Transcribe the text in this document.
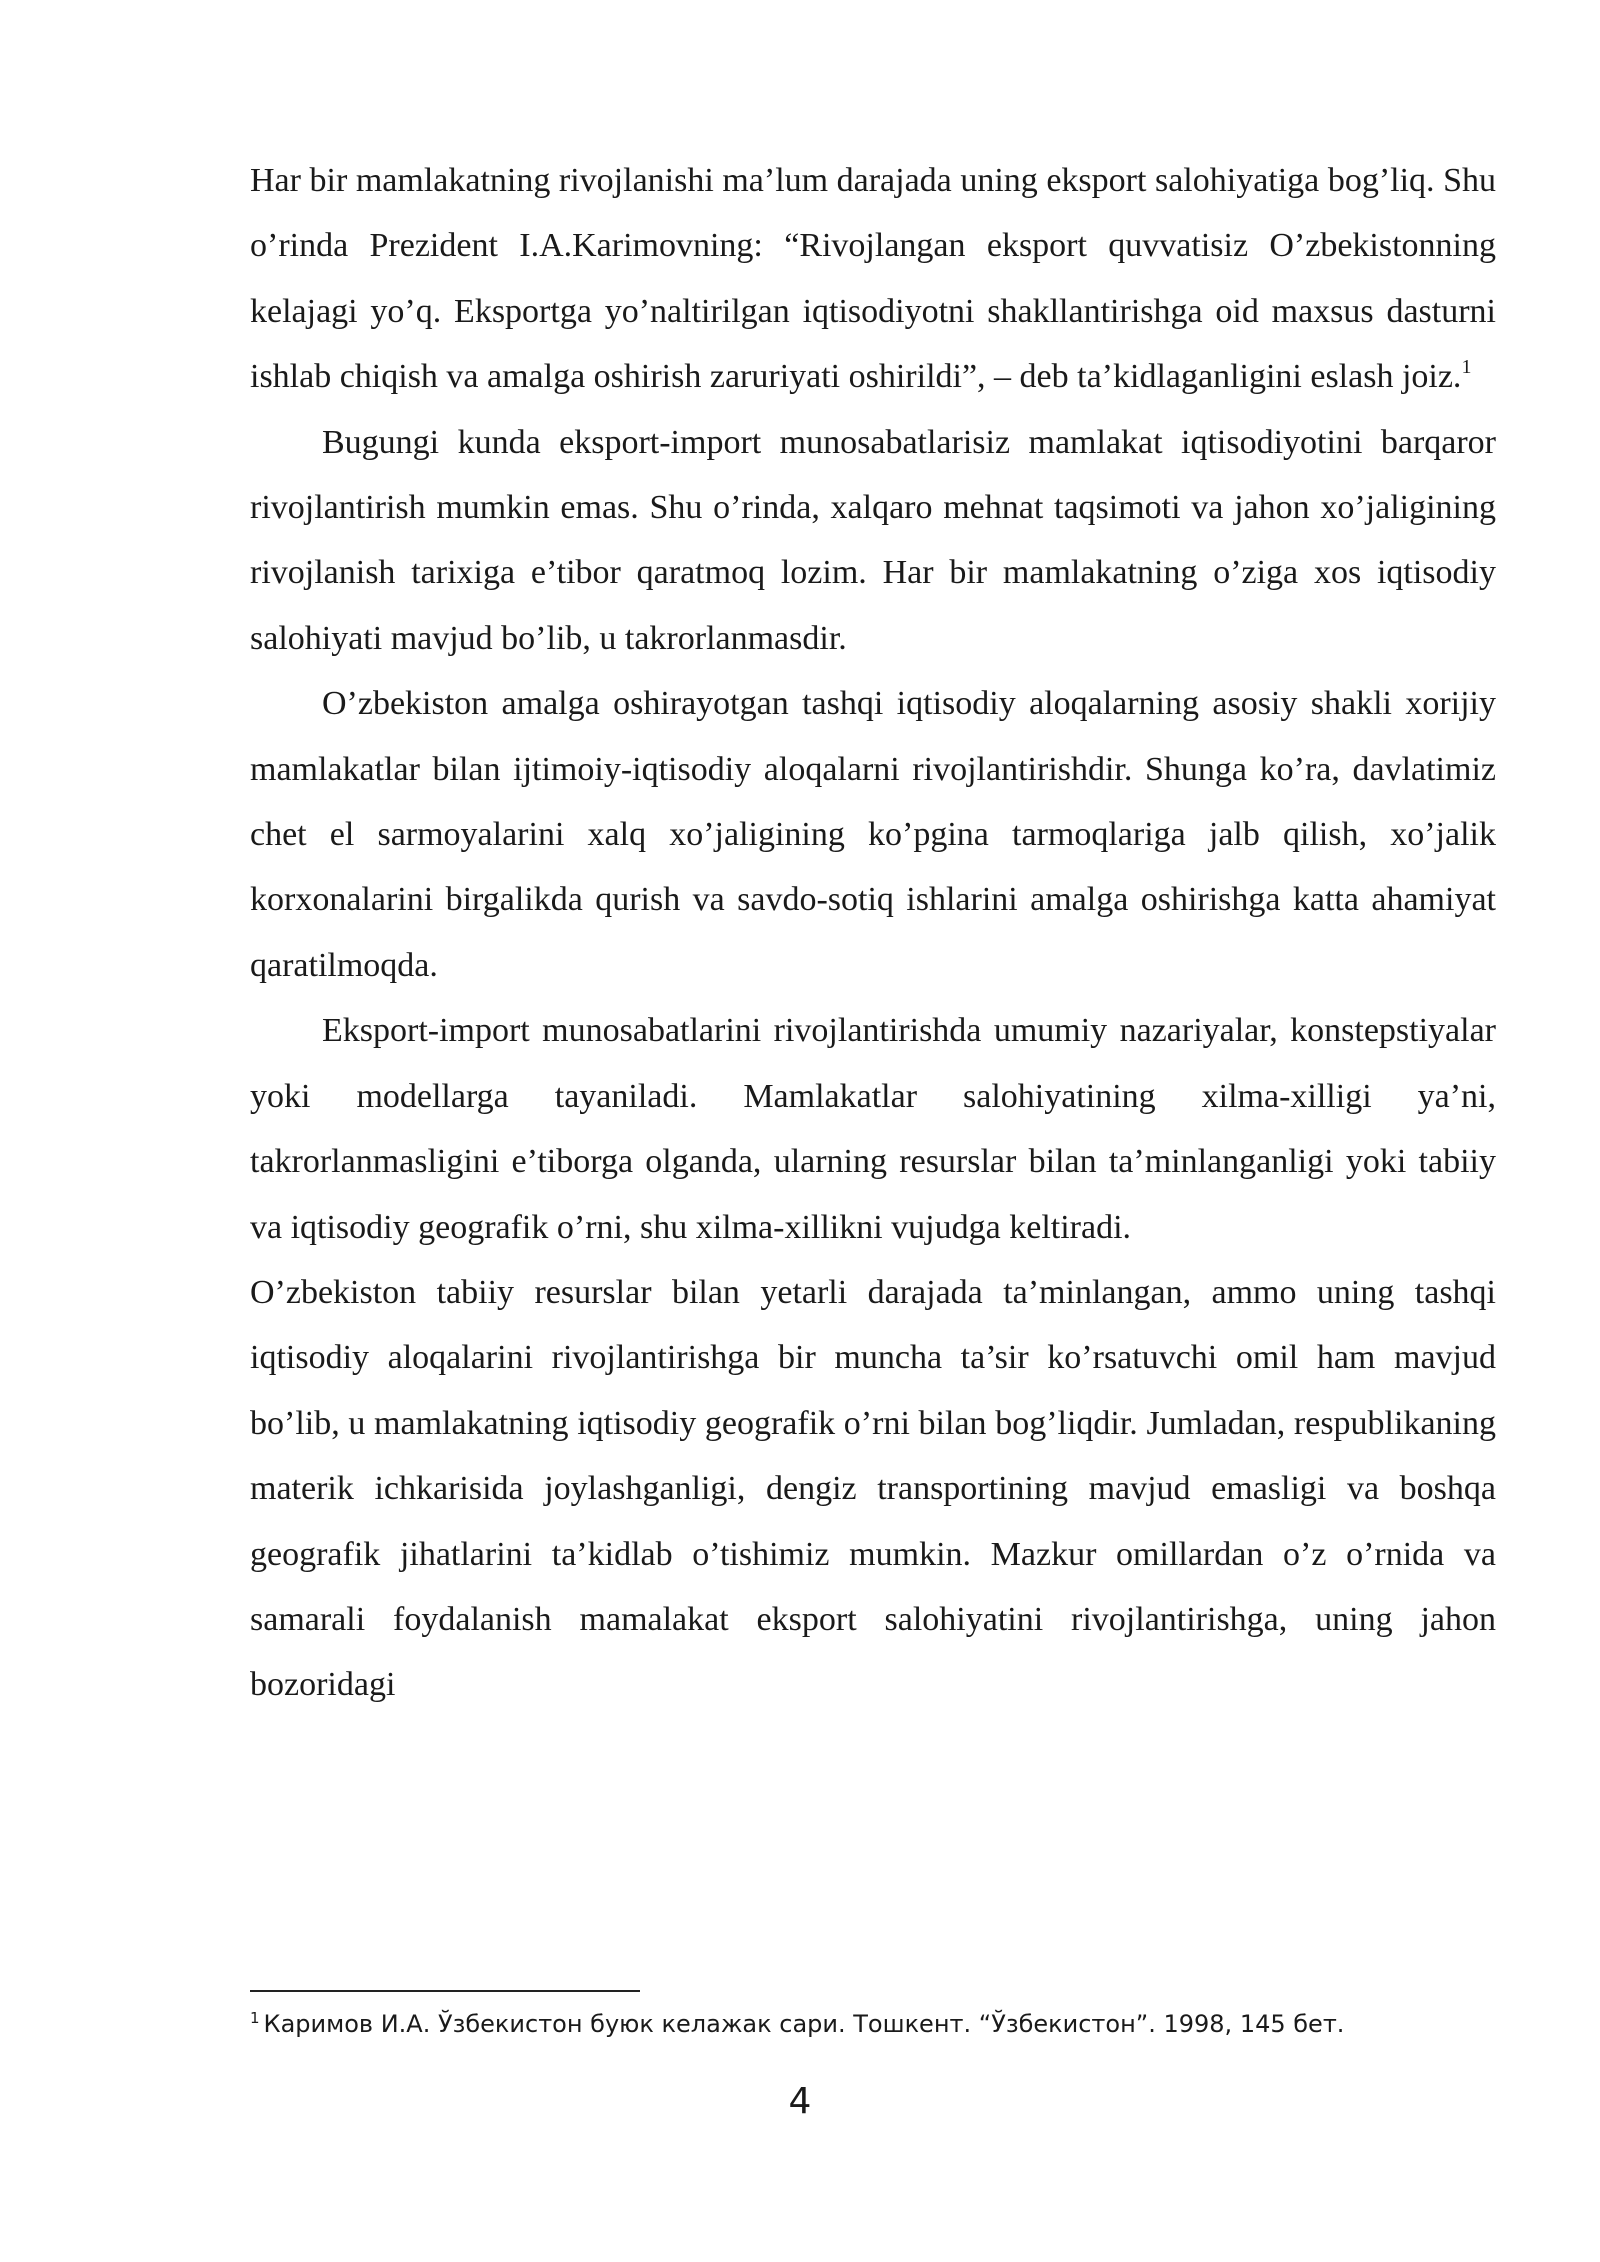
Har bir mamlakatning rivojlanishi ma’lum darajada uning eksport salohiyatiga bog’liq. Shu o’rinda Prezident I.A.Karimovning: “Rivojlangan eksport quvvatisiz O’zbekistonning kelajagi yo’q. Eksportga yo’naltirilgan iqtisodiyotni shakllantirishga oid maxsus dasturni ishlab chiqish va amalga oshirish zaruriyati oshirildi”, – deb ta’kidlaganligini eslash joiz.$^1$

Bugungi kunda eksport-import munosabatlarisiz mamlakat iqtisodiyotini barqaror rivojlantirish mumkin emas. Shu o’rinda, xalqaro mehnat taqsimoti va jahon xo’jaligining rivojlanish tarixiga e’tibor qaratmoq lozim. Har bir mamlakatning o’ziga xos iqtisodiy salohiyati mavjud bo’lib, u takrorlanmasdir.

O’zbekiston amalga oshirayotgan tashqi iqtisodiy aloqalarning asosiy shakli xorijiy mamlakatlar bilan ijtimoiy-iqtisodiy aloqalarni rivojlantirishdir. Shunga ko’ra, davlatimiz chet el sarmoyalarini xalq xo’jaligining ko’pgina tarmoqlariga jalb qilish, xo’jalik korxonalarini birgalikda qurish va savdo-sotiq ishlarini amalga oshirishga katta ahamiyat qaratilmoqda.

Eksport-import munosabatlarini rivojlantirishda umumiy nazariyalar, konstepstiyalar yoki modellarga tayaniladi. Mamlakatlar salohiyatining xilma-xilligi ya’ni, takrorlanmasligini e’tiborga olganda, ularning resurslar bilan ta’minlanganligi yoki tabiiy va iqtisodiy geografik o’rni, shu xilma-xillikni vujudga keltiradi.

O’zbekiston tabiiy resurslar bilan yetarli darajada ta’minlangan, ammo uning tashqi iqtisodiy aloqalarini rivojlantirishga bir muncha ta’sir ko’rsatuvchi omil ham mavjud bo’lib, u mamlakatning iqtisodiy geografik o’rni bilan bog’liqdir. Jumladan, respublikaning materik ichkarisida joylashganligi, dengiz transportining mavjud emasligi va boshqa geografik jihatlarini ta’kidlab o’tishimiz mumkin. Mazkur omillardan o’z o’rnida va samarali foydalanish mamalakat eksport salohiyatini rivojlantirishga, uning jahon bozoridagi

$^1$ Каримов И.А. Ўзбекистон буюк келажак сари. Тошкент. “Ўзбекистон”. 1998, 145 бет.
4
